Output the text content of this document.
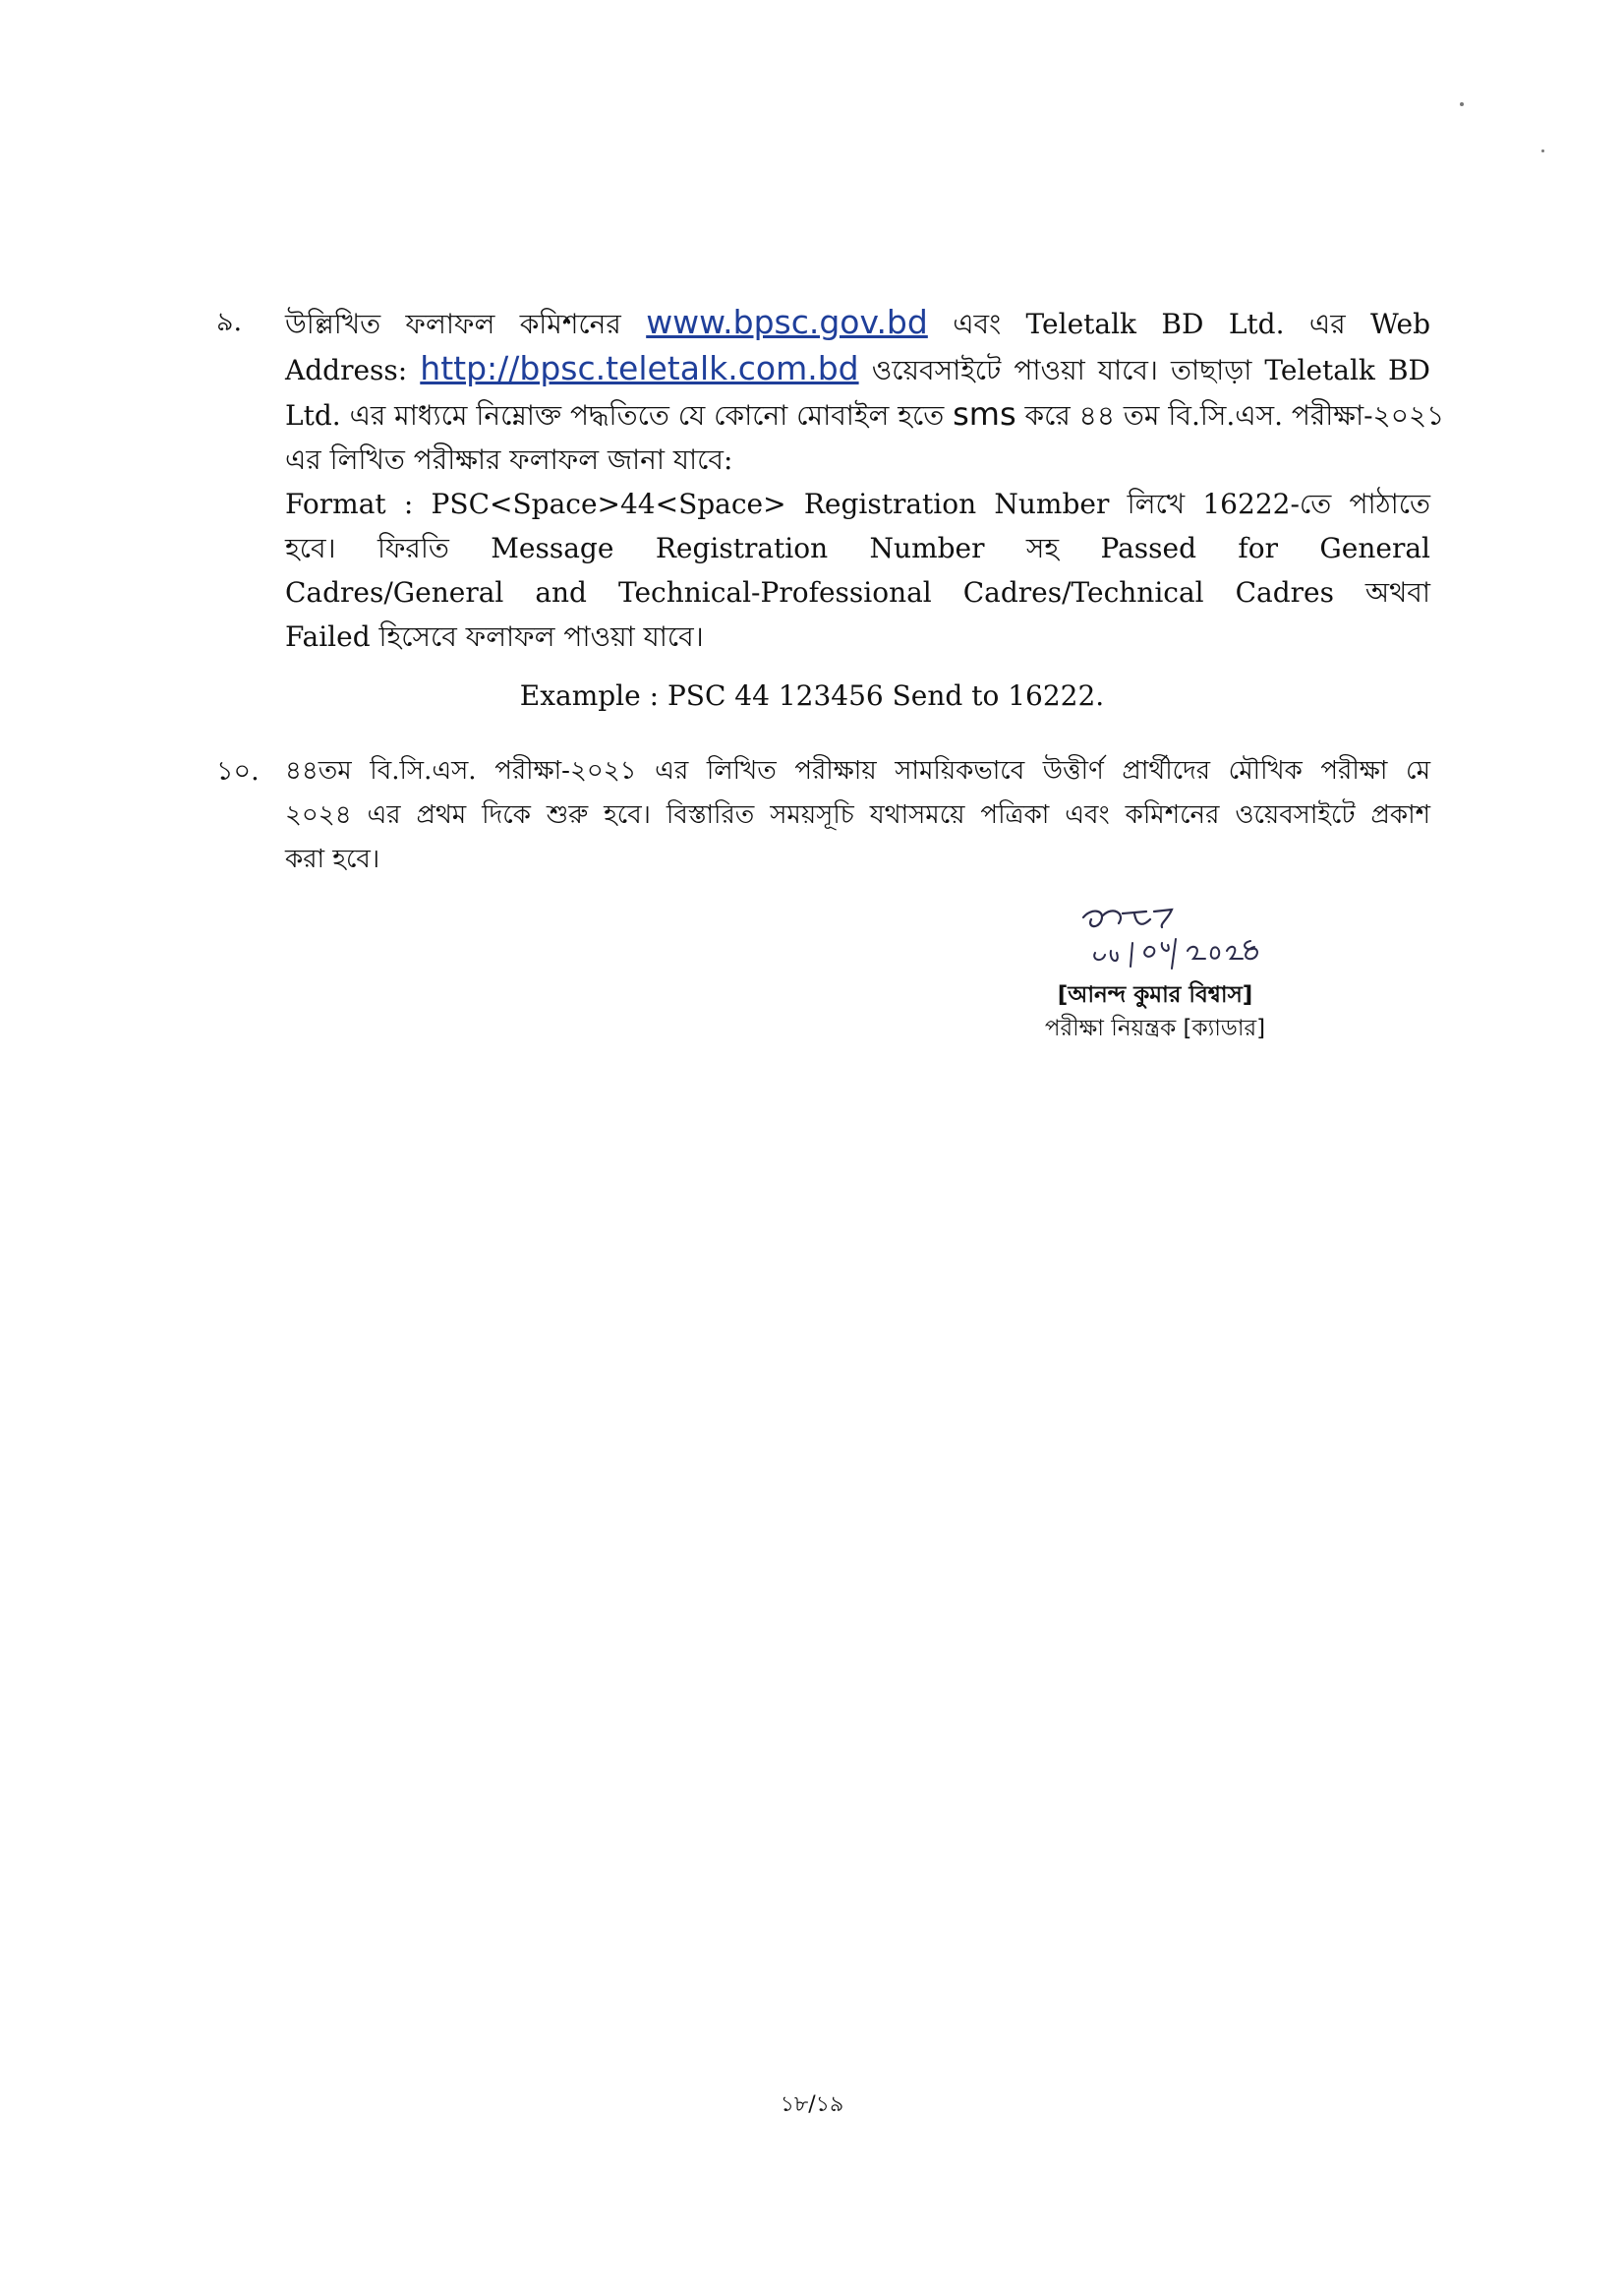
৯. উল্লিখিত ফলাফল কমিশনের www.bpsc.gov.bd এবং Teletalk BD Ltd. এর Web
Address: http://bpsc.teletalk.com.bd ওয়েবসাইটে পাওয়া যাবে। তাছাড়া Teletalk BD
Ltd. এর মাধ্যমে নিম্নোক্ত পদ্ধতিতে যে কোনো মোবাইল হতে sms করে ৪৪ তম বি.সি.এস. পরীক্ষা-২০২১
এর লিখিত পরীক্ষার ফলাফল জানা যাবে:
Format : PSC<Space>44<Space> Registration Number লিখে 16222-তে পাঠাতে
হবে। ফিরতি Message Registration Number সহ Passed for General
Cadres/General and Technical-Professional Cadres/Technical Cadres অথবা
Failed হিসেবে ফলাফল পাওয়া যাবে।
Example : PSC 44 123456 Send to 16222.
১০. ৪৪তম বি.সি.এস. পরীক্ষা-২০২১ এর লিখিত পরীক্ষায় সাময়িকভাবে উত্তীর্ণ প্রার্থীদের মৌখিক পরীক্ষা মে
২০২৪ এর প্রথম দিকে শুরু হবে। বিস্তারিত সময়সূচি যথাসময়ে পত্রিকা এবং কমিশনের ওয়েবসাইটে প্রকাশ
করা হবে।
[আনন্দ কুমার বিশ্বাস]
পরীক্ষা নিয়ন্ত্রক [ক্যাডার]
১৮/১৯
